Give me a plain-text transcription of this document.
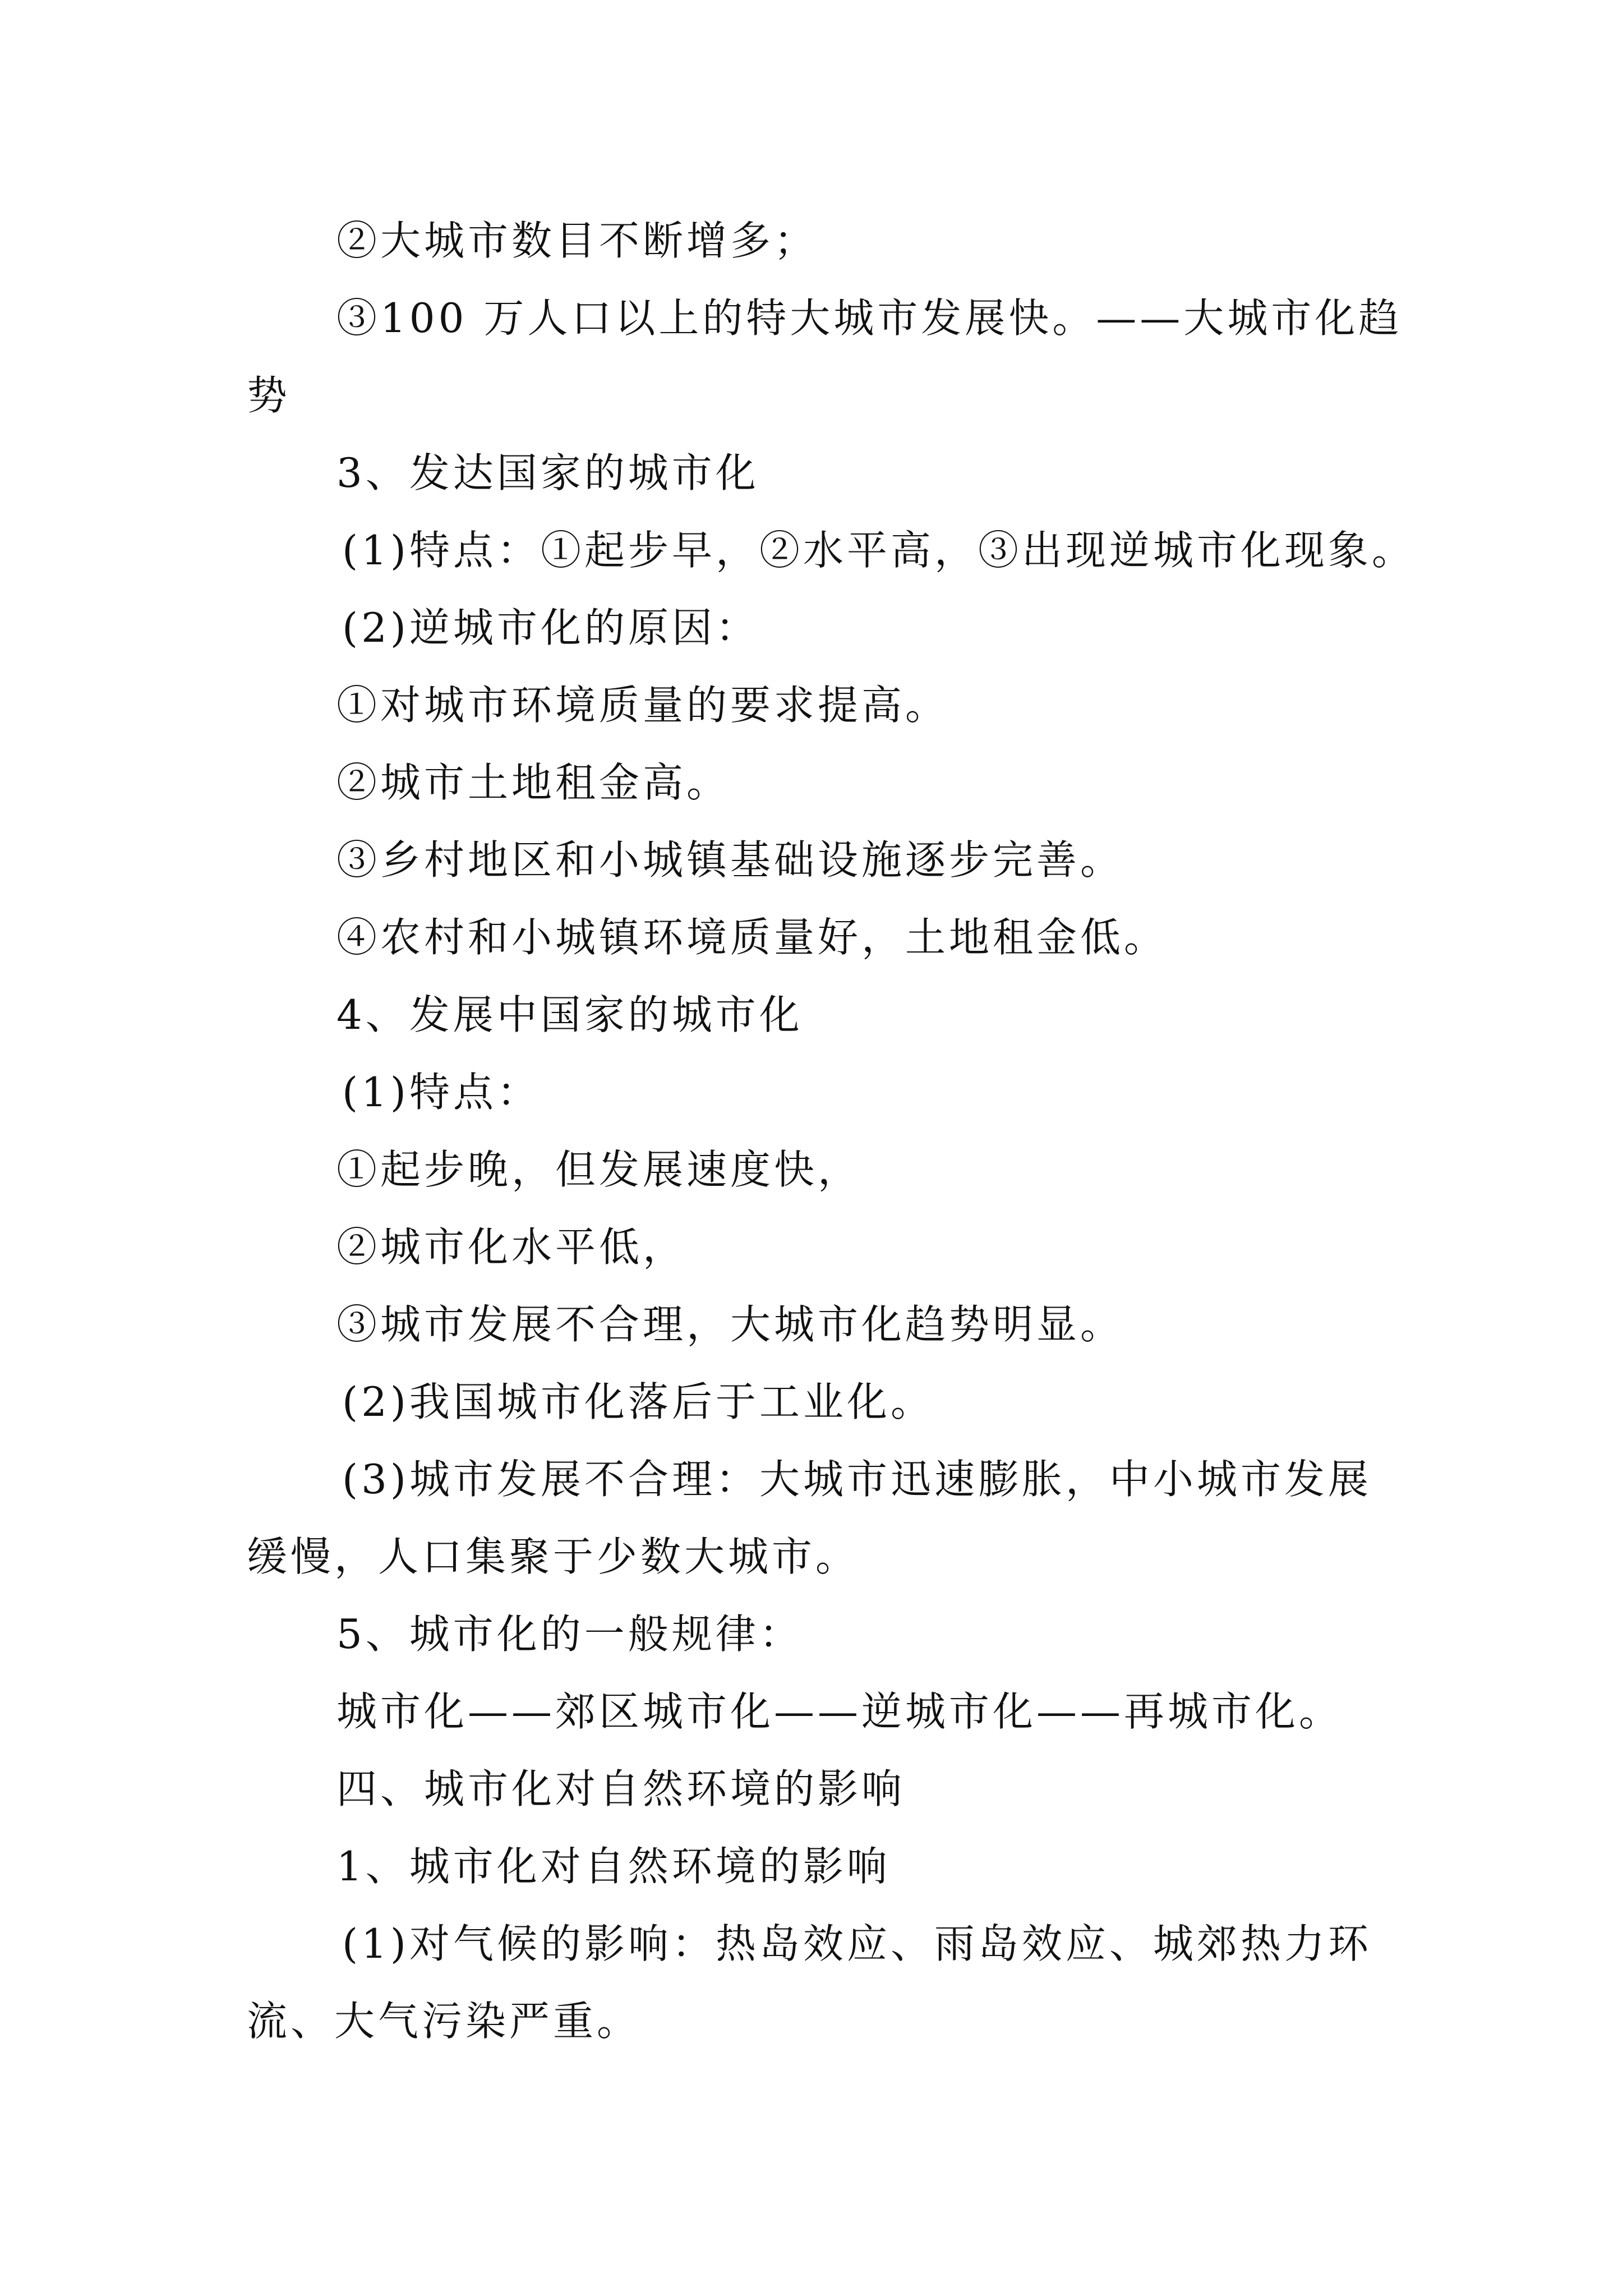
②大城市数目不断增多；
③100 万人口以上的特大城市发展快。——大城市化趋
势
3、发达国家的城市化
(1)特点：①起步早，②水平高，③出现逆城市化现象。
(2)逆城市化的原因：
①对城市环境质量的要求提高。
②城市土地租金高。
③乡村地区和小城镇基础设施逐步完善。
④农村和小城镇环境质量好，土地租金低。
4、发展中国家的城市化
(1)特点：
①起步晚，但发展速度快，
②城市化水平低，
③城市发展不合理，大城市化趋势明显。
(2)我国城市化落后于工业化。
(3)城市发展不合理：大城市迅速膨胀，中小城市发展
缓慢，人口集聚于少数大城市。
5、城市化的一般规律：
城市化——郊区城市化——逆城市化——再城市化。
四、城市化对自然环境的影响
1、城市化对自然环境的影响
(1)对气候的影响：热岛效应、雨岛效应、城郊热力环
流、大气污染严重。
